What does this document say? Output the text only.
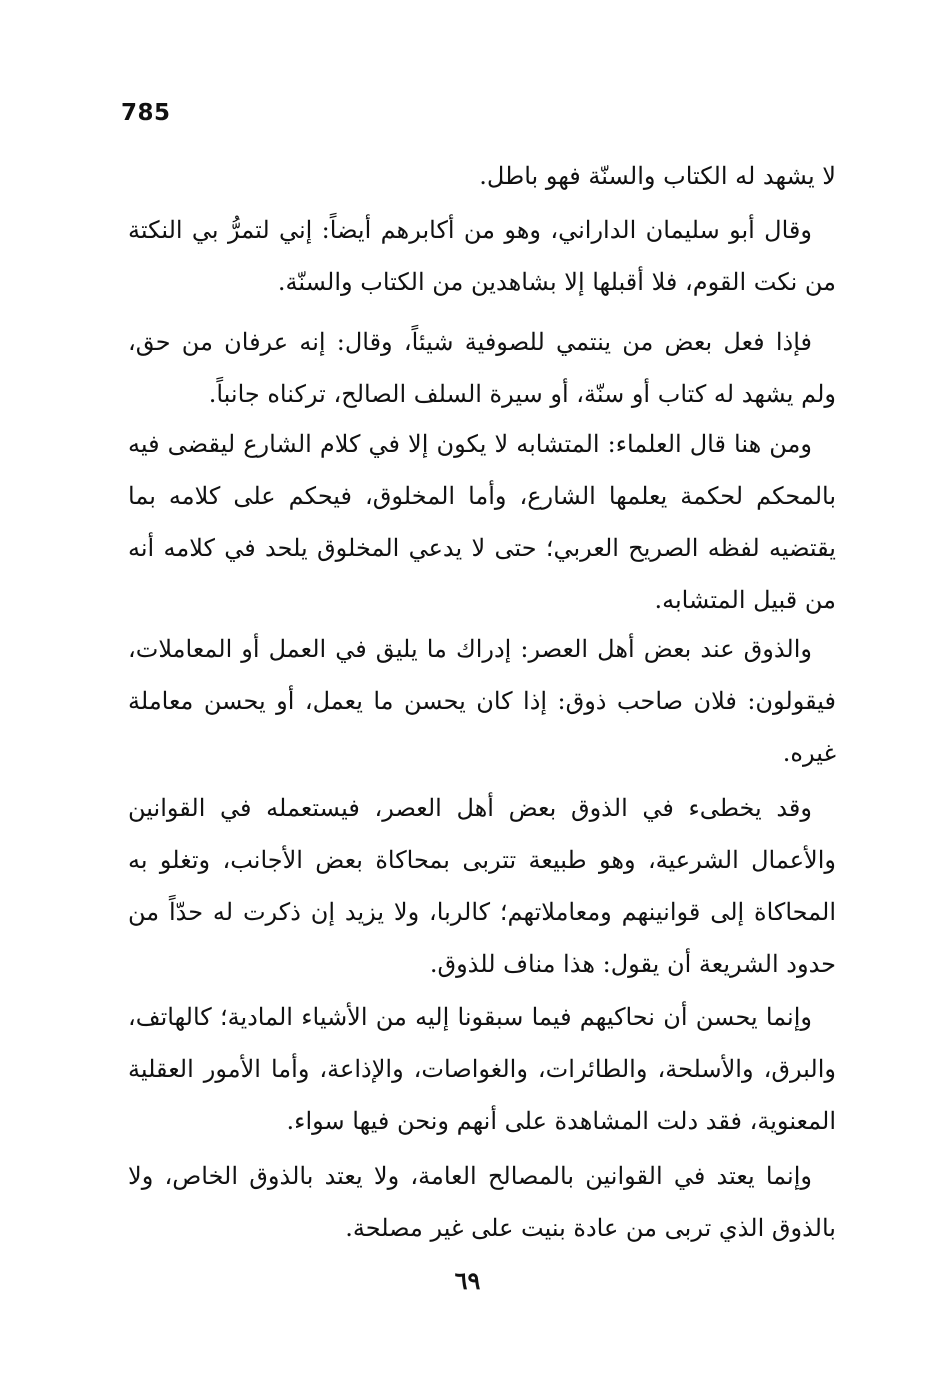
785

لا يشهد له الكتاب والسنّة فهو باطل.

وقال أبو سليمان الداراني، وهو من أكابرهم أيضاً: إني لتمرُّ بي النكتة من نكت القوم، فلا أقبلها إلا بشاهدين من الكتاب والسنّة.

فإذا فعل بعض من ينتمي للصوفية شيئاً، وقال: إنه عرفان من حق، ولم يشهد له كتاب أو سنّة، أو سيرة السلف الصالح، تركناه جانباً.

ومن هنا قال العلماء: المتشابه لا يكون إلا في كلام الشارع ليقضى فيه بالمحكم لحكمة يعلمها الشارع، وأما المخلوق، فيحكم على كلامه بما يقتضيه لفظه الصريح العربي؛ حتى لا يدعي المخلوق يلحد في كلامه أنه من قبيل المتشابه.

والذوق عند بعض أهل العصر: إدراك ما يليق في العمل أو المعاملات، فيقولون: فلان صاحب ذوق: إذا كان يحسن ما يعمل، أو يحسن معاملة غيره.

وقد يخطىء في الذوق بعض أهل العصر، فيستعمله في القوانين والأعمال الشرعية، وهو طبيعة تتربى بمحاكاة بعض الأجانب، وتغلو به المحاكاة إلى قوانينهم ومعاملاتهم؛ كالربا، ولا يزيد إن ذكرت له حدّاً من حدود الشريعة أن يقول: هذا مناف للذوق.

وإنما يحسن أن نحاكيهم فيما سبقونا إليه من الأشياء المادية؛ كالهاتف، والبرق، والأسلحة، والطائرات، والغواصات، والإذاعة، وأما الأمور العقلية المعنوية، فقد دلت المشاهدة على أنهم ونحن فيها سواء.

وإنما يعتد في القوانين بالمصالح العامة، ولا يعتد بالذوق الخاص، ولا بالذوق الذي تربى من عادة بنيت على غير مصلحة.

٦٩
